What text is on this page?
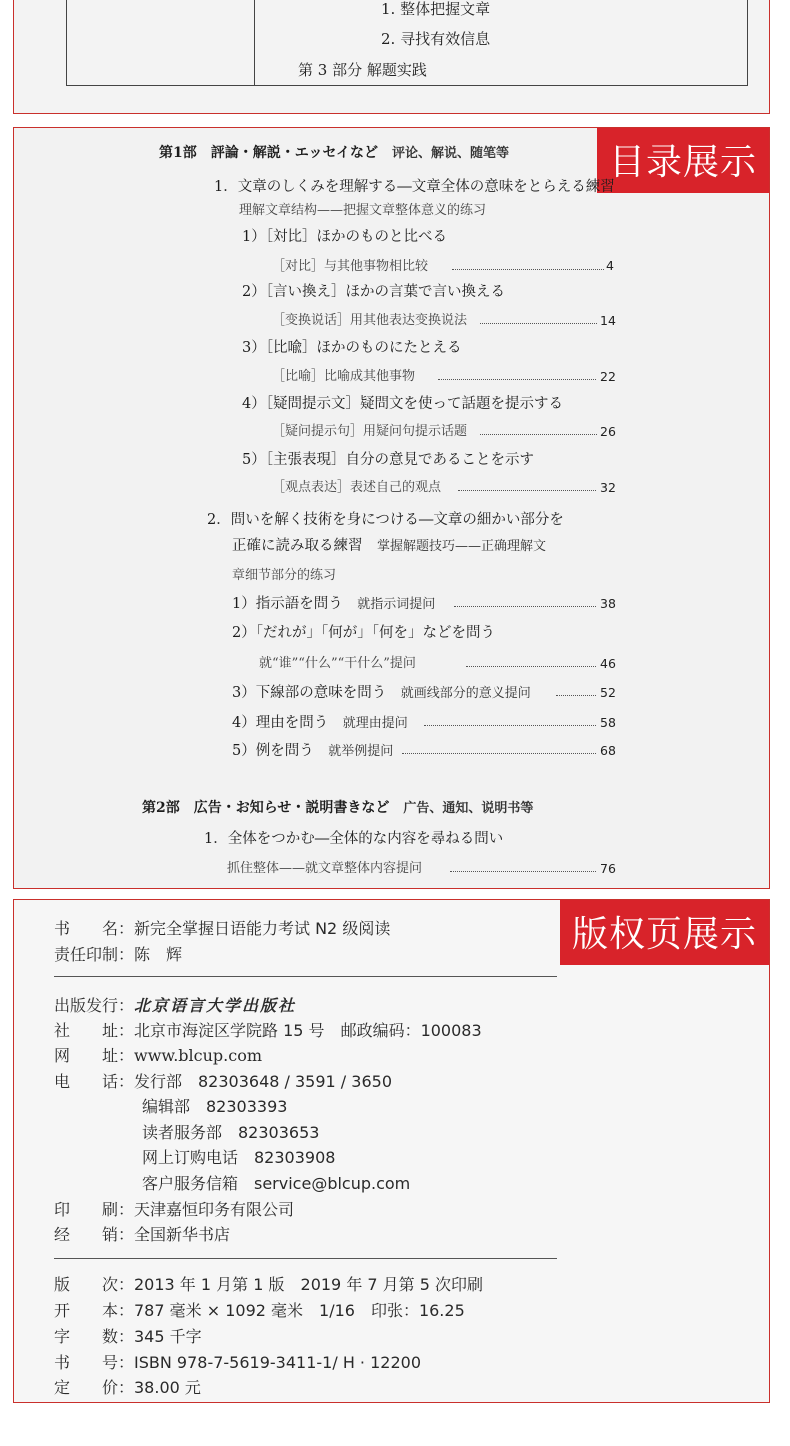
1. 整体把握文章
2. 寻找有效信息
第 3 部分 解题实践
目录展示
第1部　評論・解説・エッセイなど　 评论、解说、随笔等
1．文章のしくみを理解する―文章全体の意味をとらえる練習
理解文章结构——把握文章整体意义的练习
1）［対比］ほかのものと比べる
［对比］与其他事物相比较	4
2）［言い換え］ほかの言葉で言い換える
［变换说话］用其他表达变换说法	14
3）［比喩］ほかのものにたとえる
［比喻］比喻成其他事物	22
4）［疑問提示文］疑問文を使って話題を提示する
［疑问提示句］用疑问句提示话题	26
5）［主張表現］自分の意見であることを示す
［观点表达］表述自己的观点	32
2．問いを解く技術を身につける―文章の細かい部分を
正確に読み取る練習　 掌握解题技巧——正确理解文
章细节部分的练习
1）指示語を問う　 就指示词提问	38
2）「だれが」「何が」「何を」などを問う
就“谁”“什么”“干什么”提问	46
3）下線部の意味を問う　 就画线部分的意义提问	52
4）理由を問う　 就理由提问	58
5）例を問う　 就举例提问	68
第2部　広告・お知らせ・説明書きなど　 广告、通知、说明书等
1．全体をつかむ―全体的な内容を尋ねる問い
抓住整体——就文章整体内容提问	76
版权页展示
书　　名：新完全掌握日语能力考试 N2 级阅读
责任印制：陈　辉
出版发行：北京语言大学出版社
社　　址：北京市海淀区学院路 15 号　 邮政编码：100083
网　　址：www.blcup.com
电　　话：发行部　82303648 / 3591 / 3650
编辑部　82303393
读者服务部　82303653
网上订购电话　82303908
客户服务信箱　service@blcup.com
印　　刷：天津嘉恒印务有限公司
经　　销：全国新华书店
版　　次：2013 年 1 月第 1 版　2019 年 7 月第 5 次印刷
开　　本：787 毫米 × 1092 毫米　1/16　印张：16.25
字　　数：345 千字
书　　号：ISBN 978-7-5619-3411-1/ H · 12200
定　　价：38.00 元
